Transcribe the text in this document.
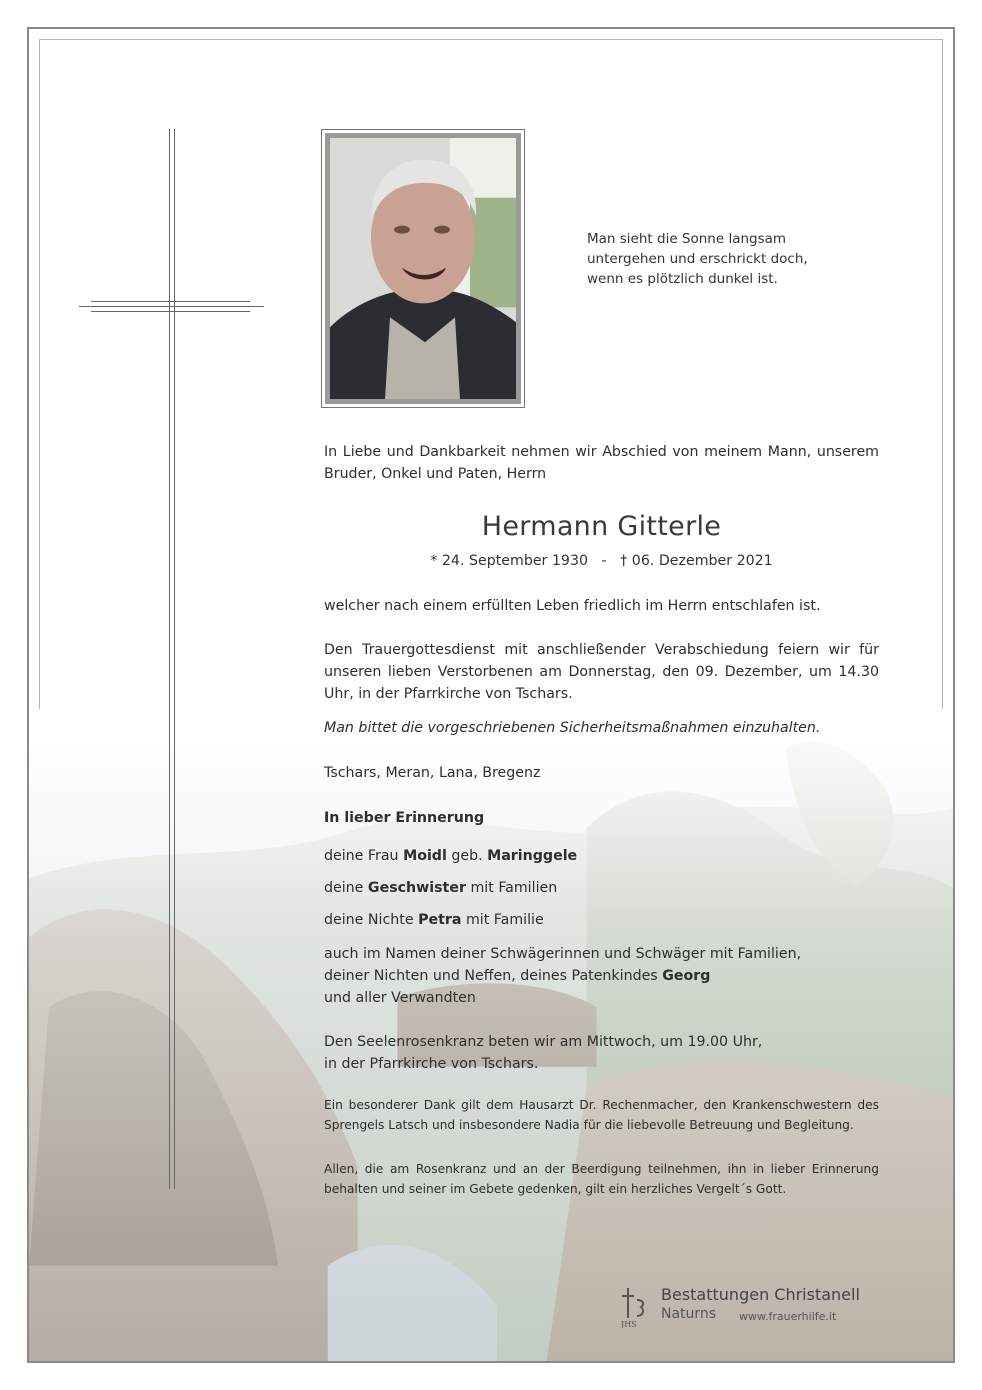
Man sieht die Sonne langsam
untergehen und erschrickt doch,
wenn es plötzlich dunkel ist.
In Liebe und Dankbarkeit nehmen wir Abschied von meinem Mann, unserem Bruder, Onkel und Paten, Herrn
Hermann Gitterle
* 24. September 1930   -   † 06. Dezember 2021
welcher nach einem erfüllten Leben friedlich im Herrn entschlafen ist.
Den Trauergottesdienst mit anschließender Verabschiedung feiern wir für unseren lieben Verstorbenen am Donnerstag, den 09. Dezember, um 14.30 Uhr, in der Pfarrkirche von Tschars.
Man bittet die vorgeschriebenen Sicherheitsmaßnahmen einzuhalten.
Tschars, Meran, Lana, Bregenz
In lieber Erinnerung
deine Frau Moidl geb. Maringgele
deine Geschwister mit Familien
deine Nichte Petra mit Familie
auch im Namen deiner Schwägerinnen und Schwäger mit Familien,
deiner Nichten und Neffen, deines Patenkindes Georg
und aller Verwandten
Den Seelenrosenkranz beten wir am Mittwoch, um 19.00 Uhr,
in der Pfarrkirche von Tschars.
Ein besonderer Dank gilt dem Hausarzt Dr. Rechenmacher, den Krankenschwestern des Sprengels Latsch und insbesondere Nadia für die liebevolle Betreuung und Begleitung.
Allen, die am Rosenkranz und an der Beerdigung teilnehmen, ihn in lieber Erinnerung behalten und seiner im Gebete gedenken, gilt ein herzliches Vergelt´s Gott.
JHS
Bestattungen Christanell
Naturns www.frauerhilfe.it
